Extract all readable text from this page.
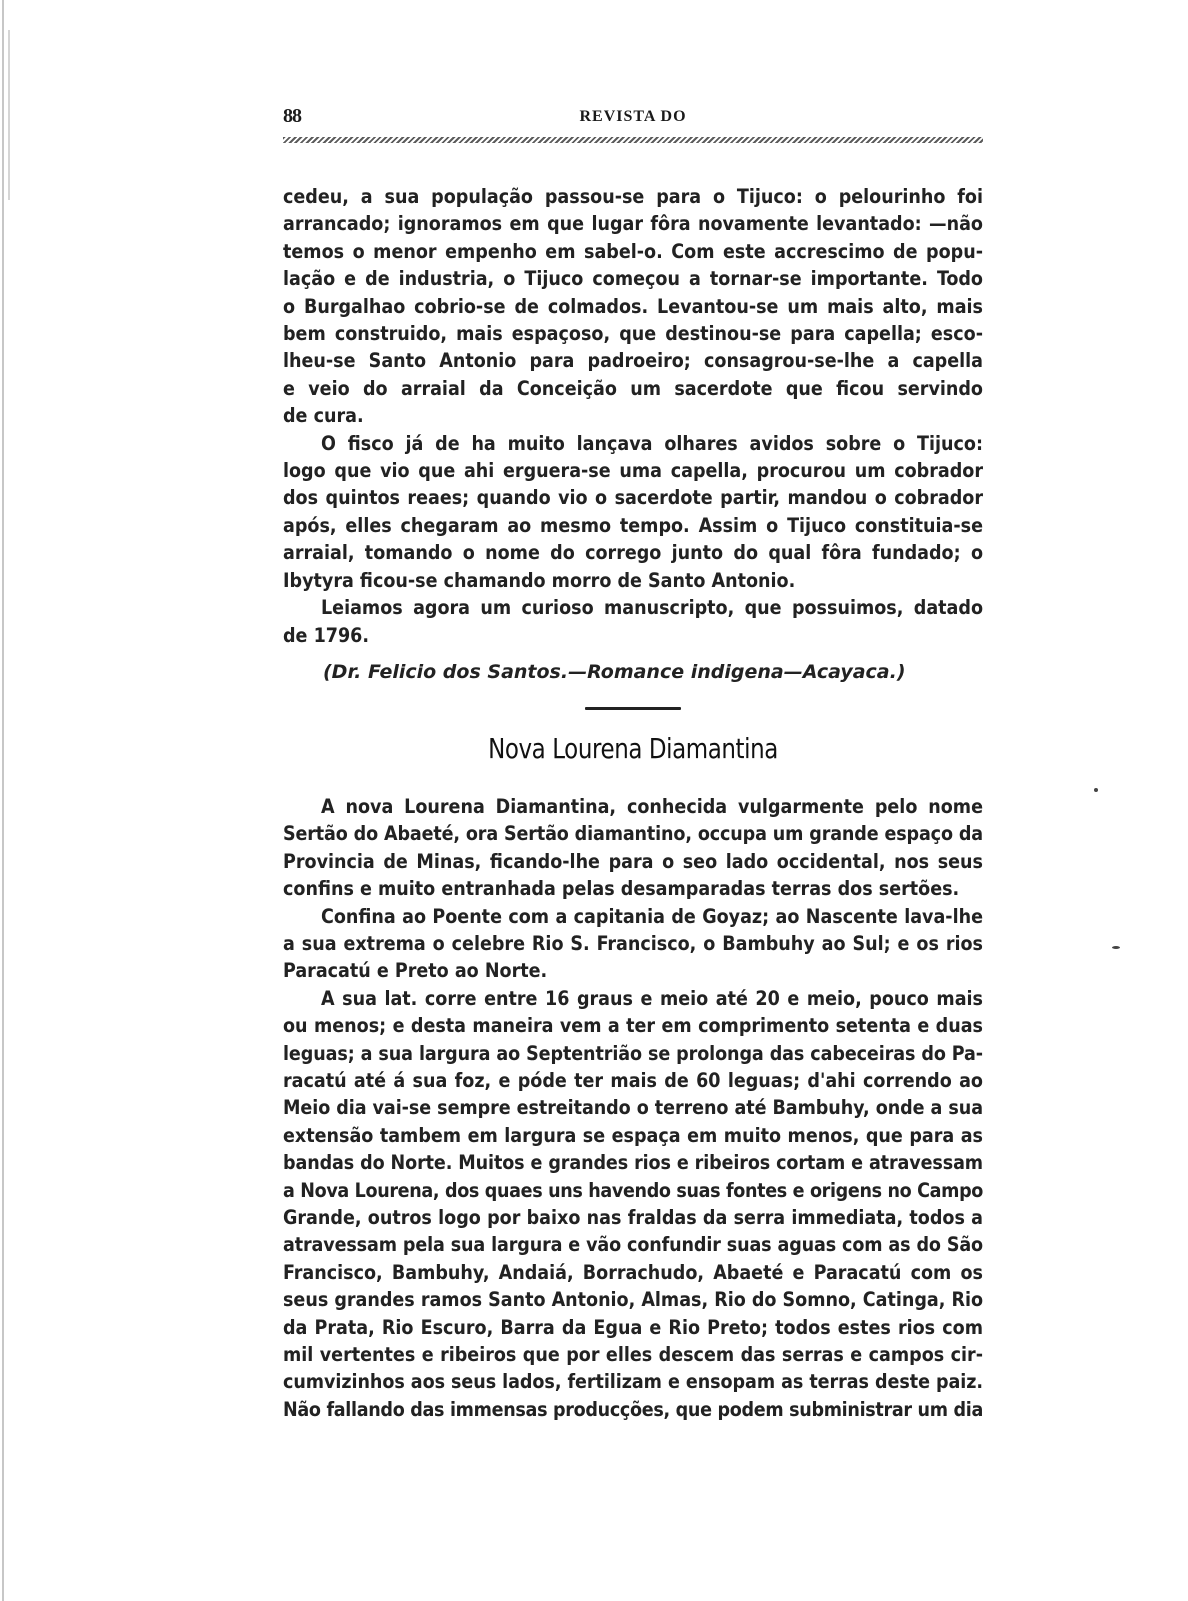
88	REVISTA DO
cedeu, a sua população passou-se para o Tijuco: o pelourinho foi
arrancado; ignoramos em que lugar fôra novamente levantado: —não
temos o menor empenho em sabel-o. Com este accrescimo de popu-
lação e de industria, o Tijuco começou a tornar-se importante. Todo
o Burgalhao cobrio-se de colmados. Levantou-se um mais alto, mais
bem construido, mais espaçoso, que destinou-se para capella; esco-
lheu-se Santo Antonio para padroeiro; consagrou-se-lhe a capella
e veio do arraial da Conceição um sacerdote que ficou servindo
de cura.
O fisco já de ha muito lançava olhares avidos sobre o Tijuco:
logo que vio que ahi erguera-se uma capella, procurou um cobrador
dos quintos reaes; quando vio o sacerdote partir, mandou o cobrador
após, elles chegaram ao mesmo tempo. Assim o Tijuco constituia-se
arraial, tomando o nome do corrego junto do qual fôra fundado; o
Ibytyra ficou-se chamando morro de Santo Antonio.
Leiamos agora um curioso manuscripto, que possuimos, datado
de 1796.
(Dr. Felicio dos Santos.—Romance indigena—Acayaca.)
Nova Lourena Diamantina
A nova Lourena Diamantina, conhecida vulgarmente pelo nome
Sertão do Abaeté, ora Sertão diamantino, occupa um grande espaço da
Provincia de Minas, ficando-lhe para o seo lado occidental, nos seus
confins e muito entranhada pelas desamparadas terras dos sertões.
Confina ao Poente com a capitania de Goyaz; ao Nascente lava-lhe
a sua extrema o celebre Rio S. Francisco, o Bambuhy ao Sul; e os rios
Paracatú e Preto ao Norte.
A sua lat. corre entre 16 graus e meio até 20 e meio, pouco mais
ou menos; e desta maneira vem a ter em comprimento setenta e duas
leguas; a sua largura ao Septentrião se prolonga das cabeceiras do Pa-
racatú até á sua foz, e póde ter mais de 60 leguas; d'ahi correndo ao
Meio dia vai-se sempre estreitando o terreno até Bambuhy, onde a sua
extensão tambem em largura se espaça em muito menos, que para as
bandas do Norte. Muitos e grandes rios e ribeiros cortam e atravessam
a Nova Lourena, dos quaes uns havendo suas fontes e origens no Campo
Grande, outros logo por baixo nas fraldas da serra immediata, todos a
atravessam pela sua largura e vão confundir suas aguas com as do São
Francisco, Bambuhy, Andaiá, Borrachudo, Abaeté e Paracatú com os
seus grandes ramos Santo Antonio, Almas, Rio do Somno, Catinga, Rio
da Prata, Rio Escuro, Barra da Egua e Rio Preto; todos estes rios com
mil vertentes e ribeiros que por elles descem das serras e campos cir-
cumvizinhos aos seus lados, fertilizam e ensopam as terras deste paiz.
Não fallando das immensas producções, que podem subministrar um dia
